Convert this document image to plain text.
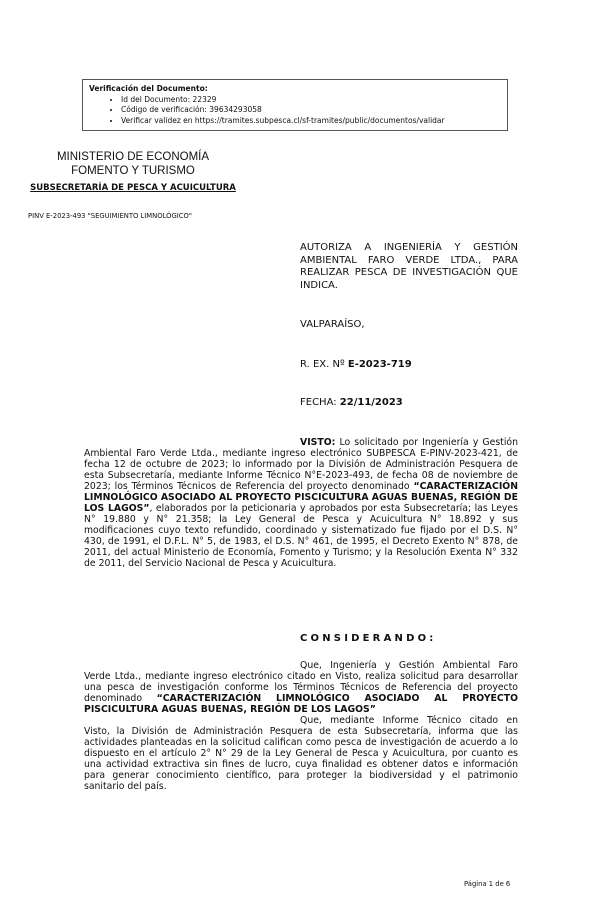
Verificación del Documento:
• Id del Documento: 22329
• Código de verificación: 39634293058
• Verificar validez en https://tramites.subpesca.cl/sf-tramites/public/documentos/validar
MINISTERIO DE ECONOMÍA
FOMENTO Y TURISMO
SUBSECRETARÍA DE PESCA Y ACUICULTURA
PINV E-2023-493 "SEGUIMIENTO LIMNOLÓGICO"
AUTORIZA A INGENIERÍA Y GESTIÓN AMBIENTAL FARO VERDE LTDA., PARA REALIZAR PESCA DE INVESTIGACIÓN QUE INDICA.
VALPARAÍSO,
R. EX. Nº E-2023-719
FECHA: 22/11/2023

VISTO: Lo solicitado por Ingeniería y Gestión Ambiental Faro Verde Ltda., mediante ingreso electrónico SUBPESCA E-PINV-2023-421, de fecha 12 de octubre de 2023; lo informado por la División de Administración Pesquera de esta Subsecretaría, mediante Informe Técnico N°E-2023-493, de fecha 08 de noviembre de 2023; los Términos Técnicos de Referencia del proyecto denominado “CARACTERIZACIÓN LIMNOLÓGICO ASOCIADO AL PROYECTO PISCICULTURA AGUAS BUENAS, REGIÓN DE LOS LAGOS”, elaborados por la peticionaria y aprobados por esta Subsecretaría; las Leyes N° 19.880 y N° 21.358; la Ley General de Pesca y Acuicultura N° 18.892 y sus modificaciones cuyo texto refundido, coordinado y sistematizado fue fijado por el D.S. N° 430, de 1991, el D.F.L. N° 5, de 1983, el D.S. N° 461, de 1995, el Decreto Exento N° 878, de 2011, del actual Ministerio de Economía, Fomento y Turismo; y la Resolución Exenta N° 332 de 2011, del Servicio Nacional de Pesca y Acuicultura.

CONSIDERANDO:

Que, Ingeniería y Gestión Ambiental Faro Verde Ltda., mediante ingreso electrónico citado en Visto, realiza solicitud para desarrollar una pesca de investigación conforme los Términos Técnicos de Referencia del proyecto denominado “CARACTERIZACIÓN LIMNOLÓGICO ASOCIADO AL PROYECTO PISCICULTURA AGUAS BUENAS, REGIÓN DE LOS LAGOS”

Que, mediante Informe Técnico citado en Visto, la División de Administración Pesquera de esta Subsecretaría, informa que las actividades planteadas en la solicitud califican como pesca de investigación de acuerdo a lo dispuesto en el artículo 2° N° 29 de la Ley General de Pesca y Acuicultura, por cuanto es una actividad extractiva sin fines de lucro, cuya finalidad es obtener datos e información para generar conocimiento científico, para proteger la biodiversidad y el patrimonio sanitario del país.

Página 1 de 6
